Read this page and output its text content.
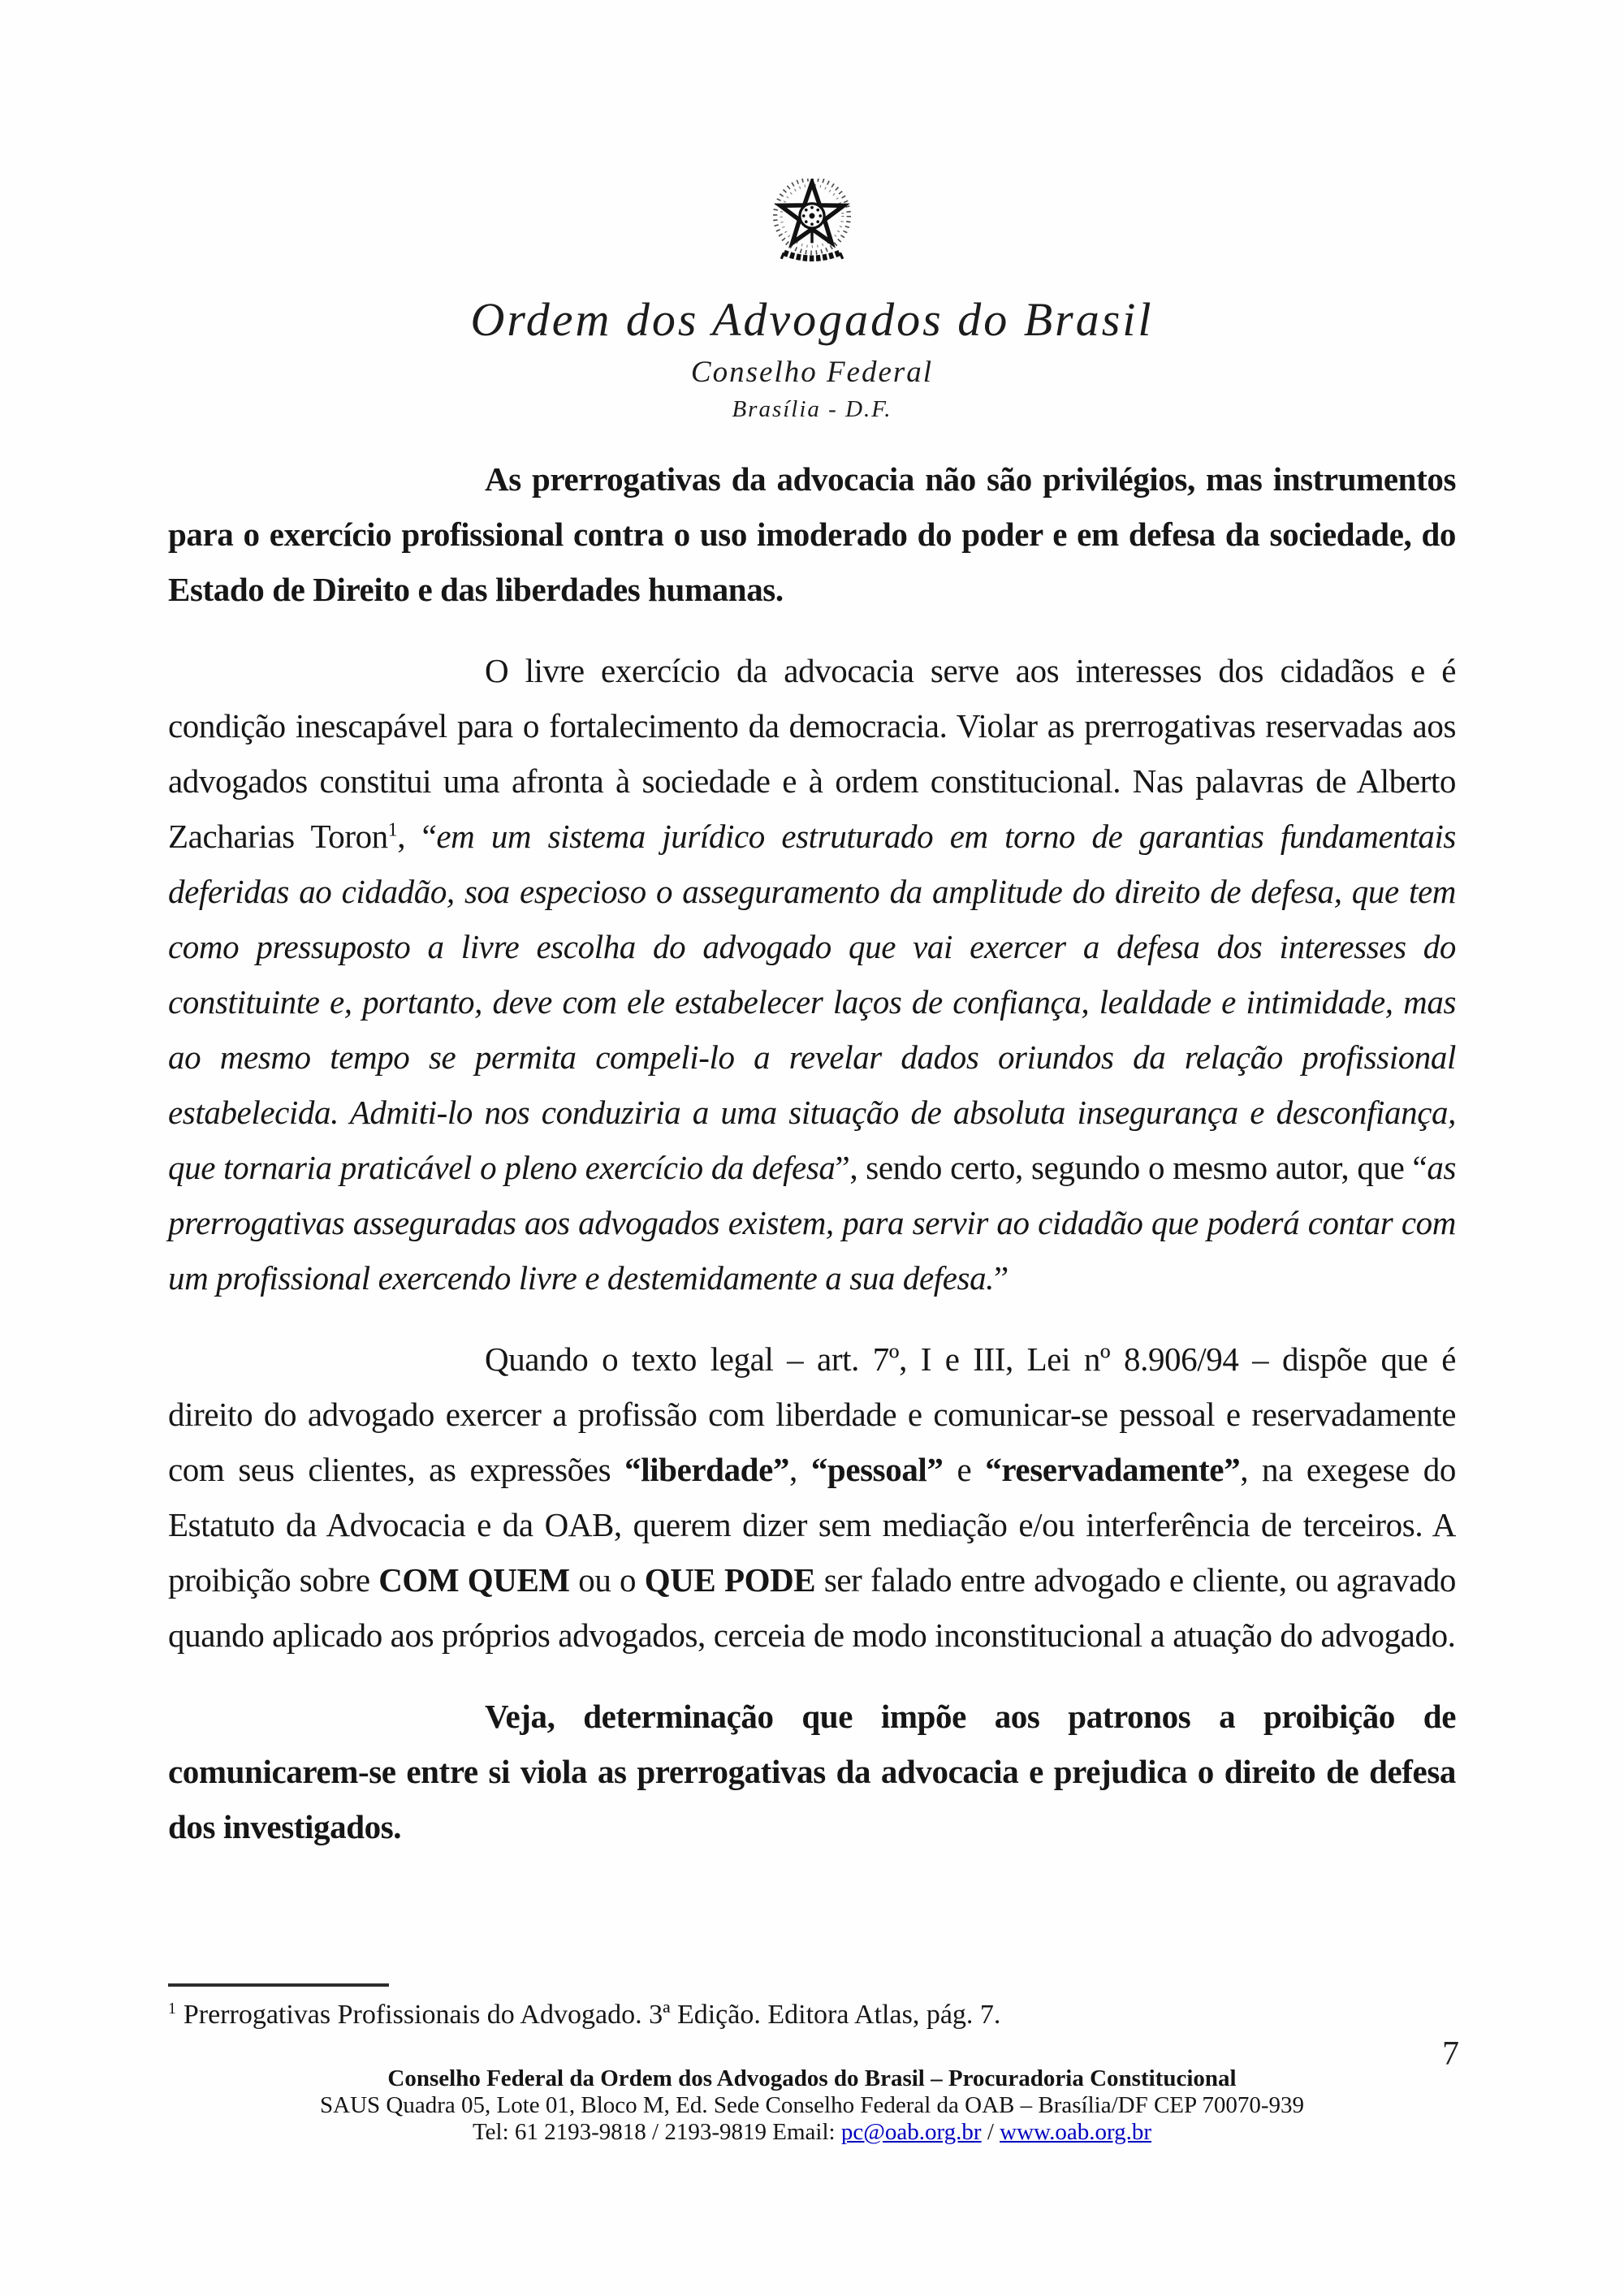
Ordem dos Advogados do Brasil
Conselho Federal
Brasília - D.F.

As prerrogativas da advocacia não são privilégios, mas instrumentos para o exercício profissional contra o uso imoderado do poder e em defesa da sociedade, do Estado de Direito e das liberdades humanas.

O livre exercício da advocacia serve aos interesses dos cidadãos e é condição inescapável para o fortalecimento da democracia. Violar as prerrogativas reservadas aos advogados constitui uma afronta à sociedade e à ordem constitucional. Nas palavras de Alberto Zacharias Toron$^1$, “em um sistema jurídico estruturado em torno de garantias fundamentais deferidas ao cidadão, soa especioso o asseguramento da amplitude do direito de defesa, que tem como pressuposto a livre escolha do advogado que vai exercer a defesa dos interesses do constituinte e, portanto, deve com ele estabelecer laços de confiança, lealdade e intimidade, mas ao mesmo tempo se permita compeli-lo a revelar dados oriundos da relação profissional estabelecida. Admiti-lo nos conduziria a uma situação de absoluta insegurança e desconfiança, que tornaria praticável o pleno exercício da defesa”, sendo certo, segundo o mesmo autor, que “as prerrogativas asseguradas aos advogados existem, para servir ao cidadão que poderá contar com um profissional exercendo livre e destemidamente a sua defesa.”

Quando o texto legal – art. 7º, I e III, Lei nº 8.906/94 – dispõe que é direito do advogado exercer a profissão com liberdade e comunicar-se pessoal e reservadamente com seus clientes, as expressões “liberdade”, “pessoal” e “reservadamente”, na exegese do Estatuto da Advocacia e da OAB, querem dizer sem mediação e/ou interferência de terceiros. A proibição sobre COM QUEM ou o QUE PODE ser falado entre advogado e cliente, ou agravado quando aplicado aos próprios advogados, cerceia de modo inconstitucional a atuação do advogado.

Veja, determinação que impõe aos patronos a proibição de comunicarem-se entre si viola as prerrogativas da advocacia e prejudica o direito de defesa dos investigados.

$^1$ Prerrogativas Profissionais do Advogado. 3ª Edição. Editora Atlas, pág. 7.
7
Conselho Federal da Ordem dos Advogados do Brasil – Procuradoria Constitucional
SAUS Quadra 05, Lote 01, Bloco M, Ed. Sede Conselho Federal da OAB – Brasília/DF CEP 70070-939
Tel: 61 2193-9818 / 2193-9819 Email: pc@oab.org.br / www.oab.org.br
